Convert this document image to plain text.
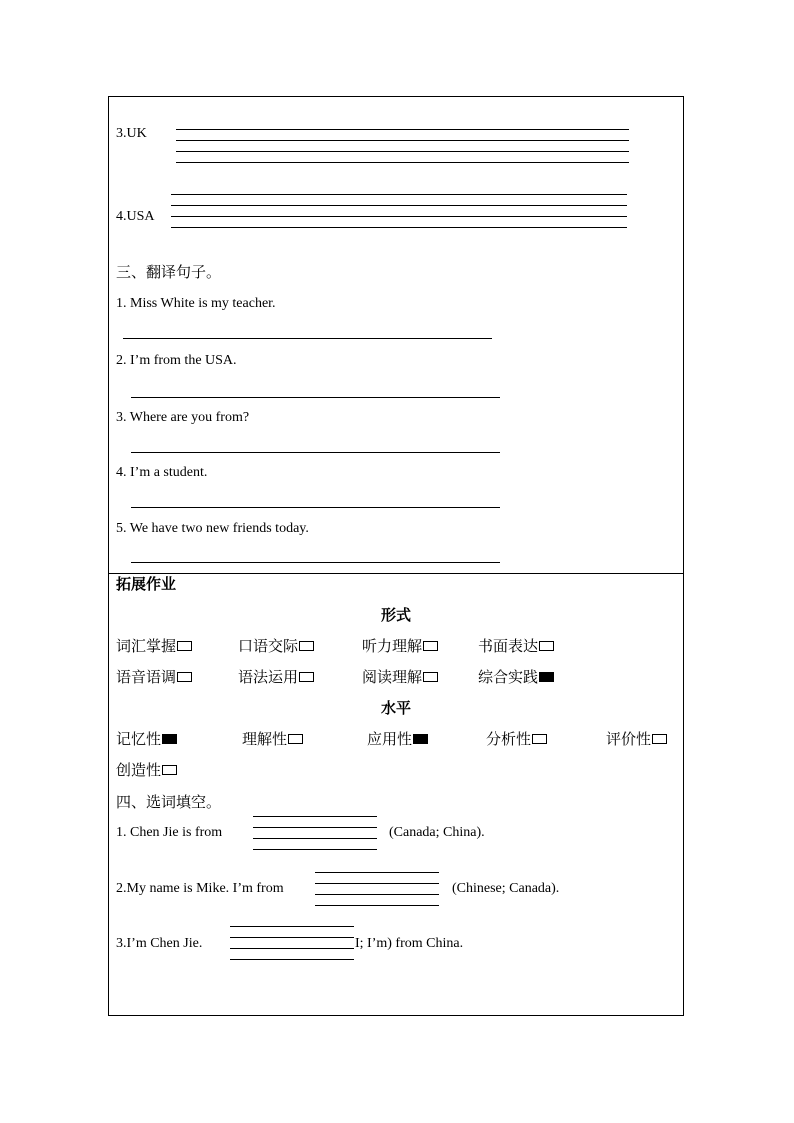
3.UK
4.USA
三、翻译句子。
1. Miss White is my teacher.
2. I’m from the USA.
3. Where are you from?
4. I’m a student.
5. We have two new friends today.
拓展作业
形式
词汇掌握	口语交际	听力理解	书面表达
语音语调	语法运用	阅读理解	综合实践
水平
记忆性	理解性	应用性	分析性	评价性
创造性
四、选词填空。
1. Chen Jie is from	(Canada; China).
2.My name is Mike. I’m from	(Chinese; Canada).
3.I’m Chen Jie.	I; I’m) from China.
